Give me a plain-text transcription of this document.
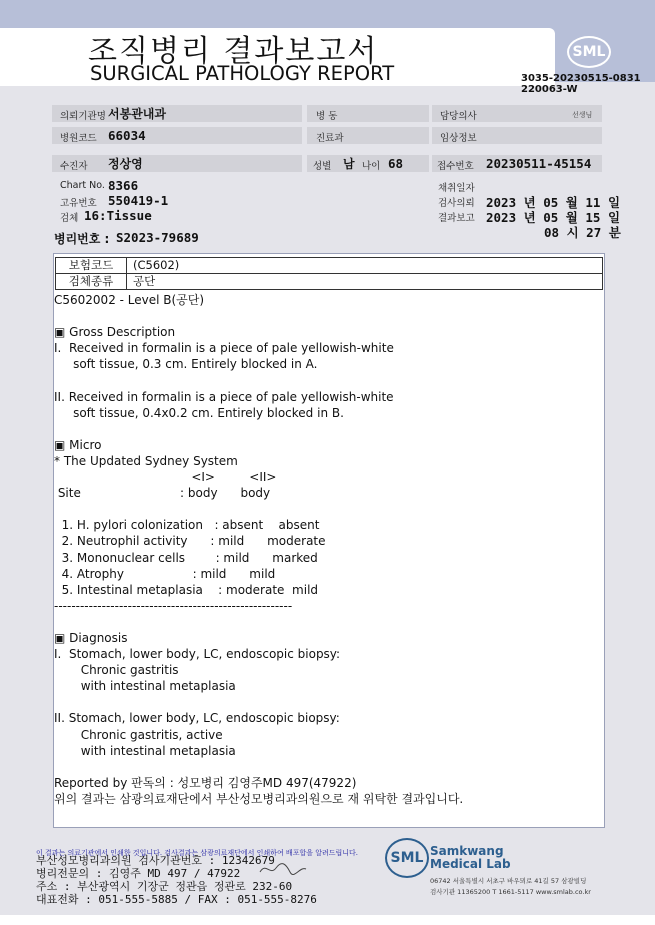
조직병리 결과보고서
SURGICAL PATHOLOGY REPORT
SML
3035-20230515-0831
220063-W
의뢰기관명 서봉관내과	병 동	담당의사	선생님
병원코드 66034	진료과	임상정보
수진자 정상영	성별 남 나이 68	접수번호 20230511-45154
Chart No. 8366	채취일자
고유번호 550419-1	검사의뢰 2023 년 05 월 11 일
검체 16:Tissue	결과보고 2023 년 05 월 15 일
08 시 27 분
병리번호 : S2023-79689
보험코드	(C5602)
검체종류	공단
C5602002 - Level B(공단)

▣ Gross Description
I.  Received in formalin is a piece of pale yellowish-white
soft tissue, 0.3 cm. Entirely blocked in A.

II. Received in formalin is a piece of pale yellowish-white
soft tissue, 0.4x0.2 cm. Entirely blocked in B.

▣ Micro
* The Updated Sydney System
<I>         <II>
Site                          : body      body

1. H. pylori colonization   : absent    absent
2. Neutrophil activity      : mild      moderate
3. Mononuclear cells        : mild      marked
4. Atrophy                  : mild      mild
5. Intestinal metaplasia    : moderate  mild
-------------------------------------------------------

▣ Diagnosis
I.  Stomach, lower body, LC, endoscopic biopsy:
Chronic gastritis
with intestinal metaplasia

II. Stomach, lower body, LC, endoscopic biopsy:
Chronic gastritis, active
with intestinal metaplasia

Reported by 판독의 : 성모병리 김영주MD 497(47922)
위의 결과는 삼광의료재단에서 부산성모병리과의원으로 재 위탁한 결과입니다.
이 결과는 의료기관에서 인쇄한 것입니다. 검사결과는 삼광의료재단에서 인쇄하여 배포합을 알려드립니다.
부산성모병리과의원 검사기관번호 : 12342679
병리전문의 : 김영주 MD 497 / 47922
주소 : 부산광역시 기장군 정관읍 정관로 232-60
대표전화 : 051-555-5885 / FAX : 051-555-8276
SML Samkwang
Medical Lab
06742 서울특별시 서초구 바우뫼로 41길 57 삼광빌딩
검사기관 11365200 T 1661-5117 www.smlab.co.kr
